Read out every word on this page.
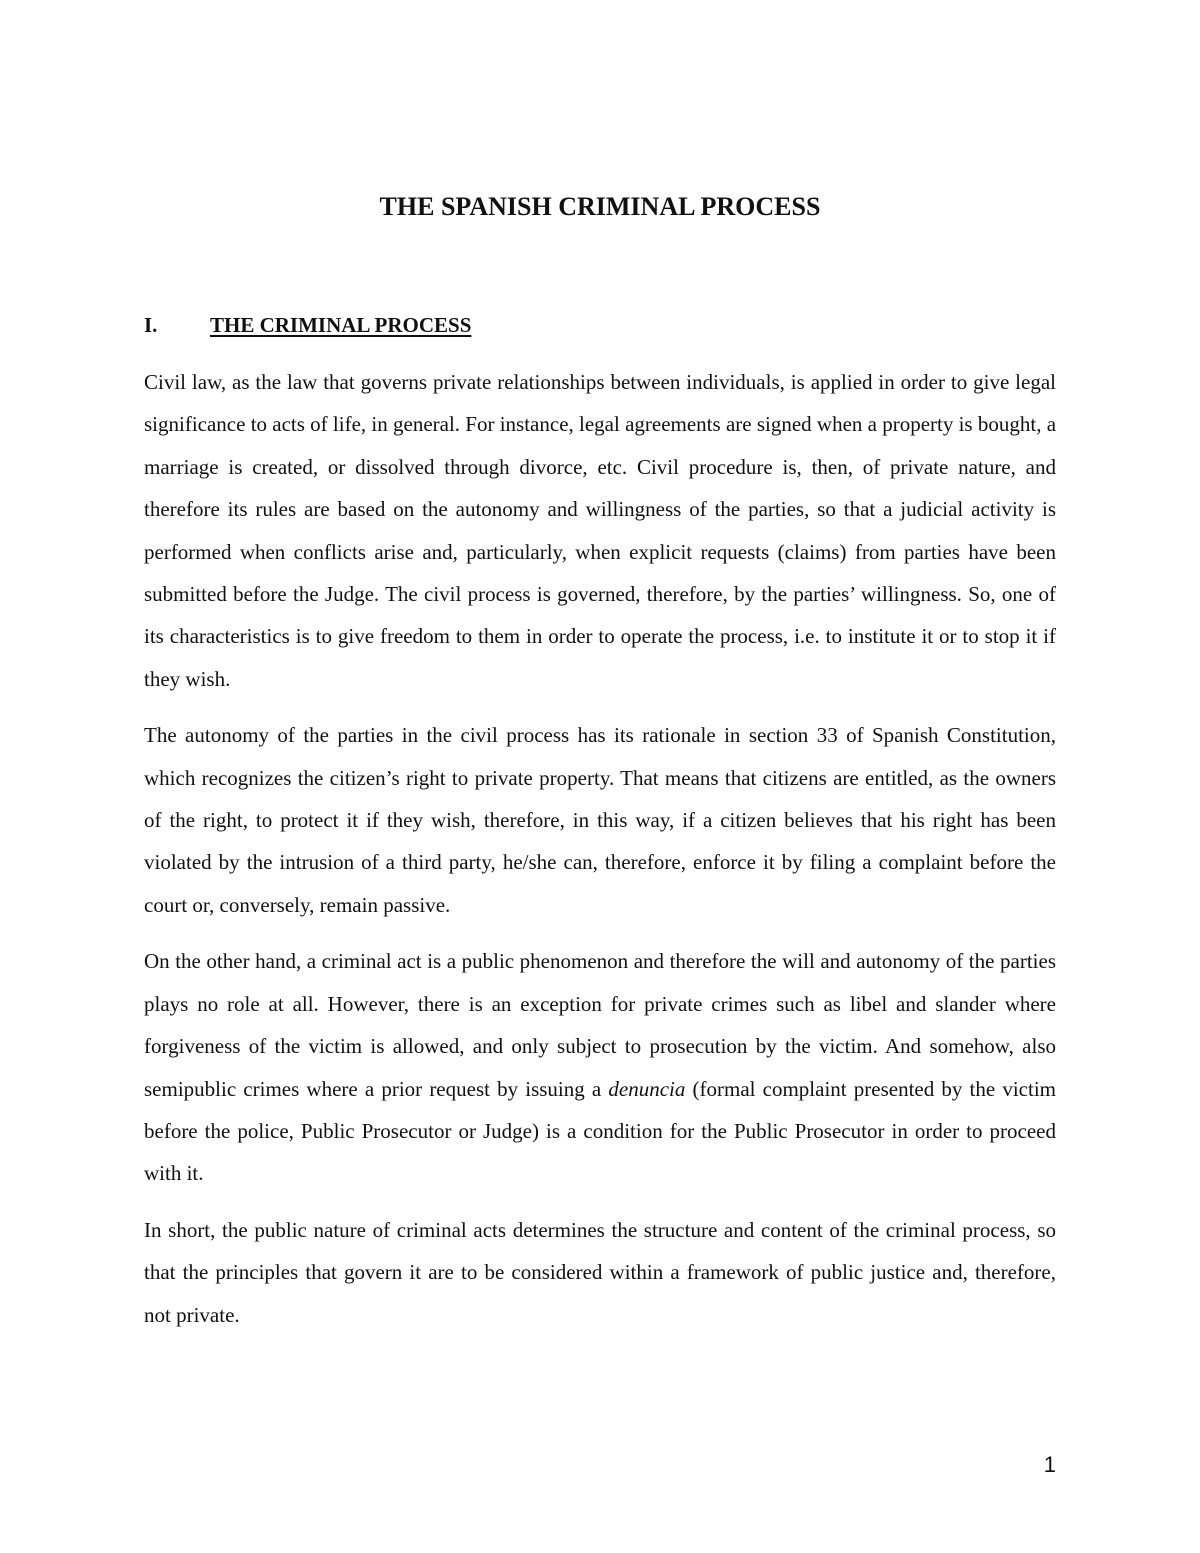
THE SPANISH CRIMINAL PROCESS
I.	THE CRIMINAL PROCESS

Civil law, as the law that governs private relationships between individuals, is applied in order to give legal significance to acts of life, in general. For instance, legal agreements are signed when a property is bought, a marriage is created, or dissolved through divorce, etc. Civil procedure is, then, of private nature, and therefore its rules are based on the autonomy and willingness of the parties, so that a judicial activity is performed when conflicts arise and, particularly, when explicit requests (claims) from parties have been submitted before the Judge. The civil process is governed, therefore, by the parties’ willingness. So, one of its characteristics is to give freedom to them in order to operate the process, i.e. to institute it or to stop it if they wish.

The autonomy of the parties in the civil process has its rationale in section 33 of Spanish Constitution, which recognizes the citizen’s right to private property. That means that citizens are entitled, as the owners of the right, to protect it if they wish, therefore, in this way, if a citizen believes that his right has been violated by the intrusion of a third party, he/she can, therefore, enforce it by filing a complaint before the court or, conversely, remain passive.

On the other hand, a criminal act is a public phenomenon and therefore the will and autonomy of the parties plays no role at all. However, there is an exception for private crimes such as libel and slander where forgiveness of the victim is allowed, and only subject to prosecution by the victim. And somehow, also semipublic crimes where a prior request by issuing a denuncia (formal complaint presented by the victim before the police, Public Prosecutor or Judge) is a condition for the Public Prosecutor in order to proceed with it.

In short, the public nature of criminal acts determines the structure and content of the criminal process, so that the principles that govern it are to be considered within a framework of public justice and, therefore, not private.

1
